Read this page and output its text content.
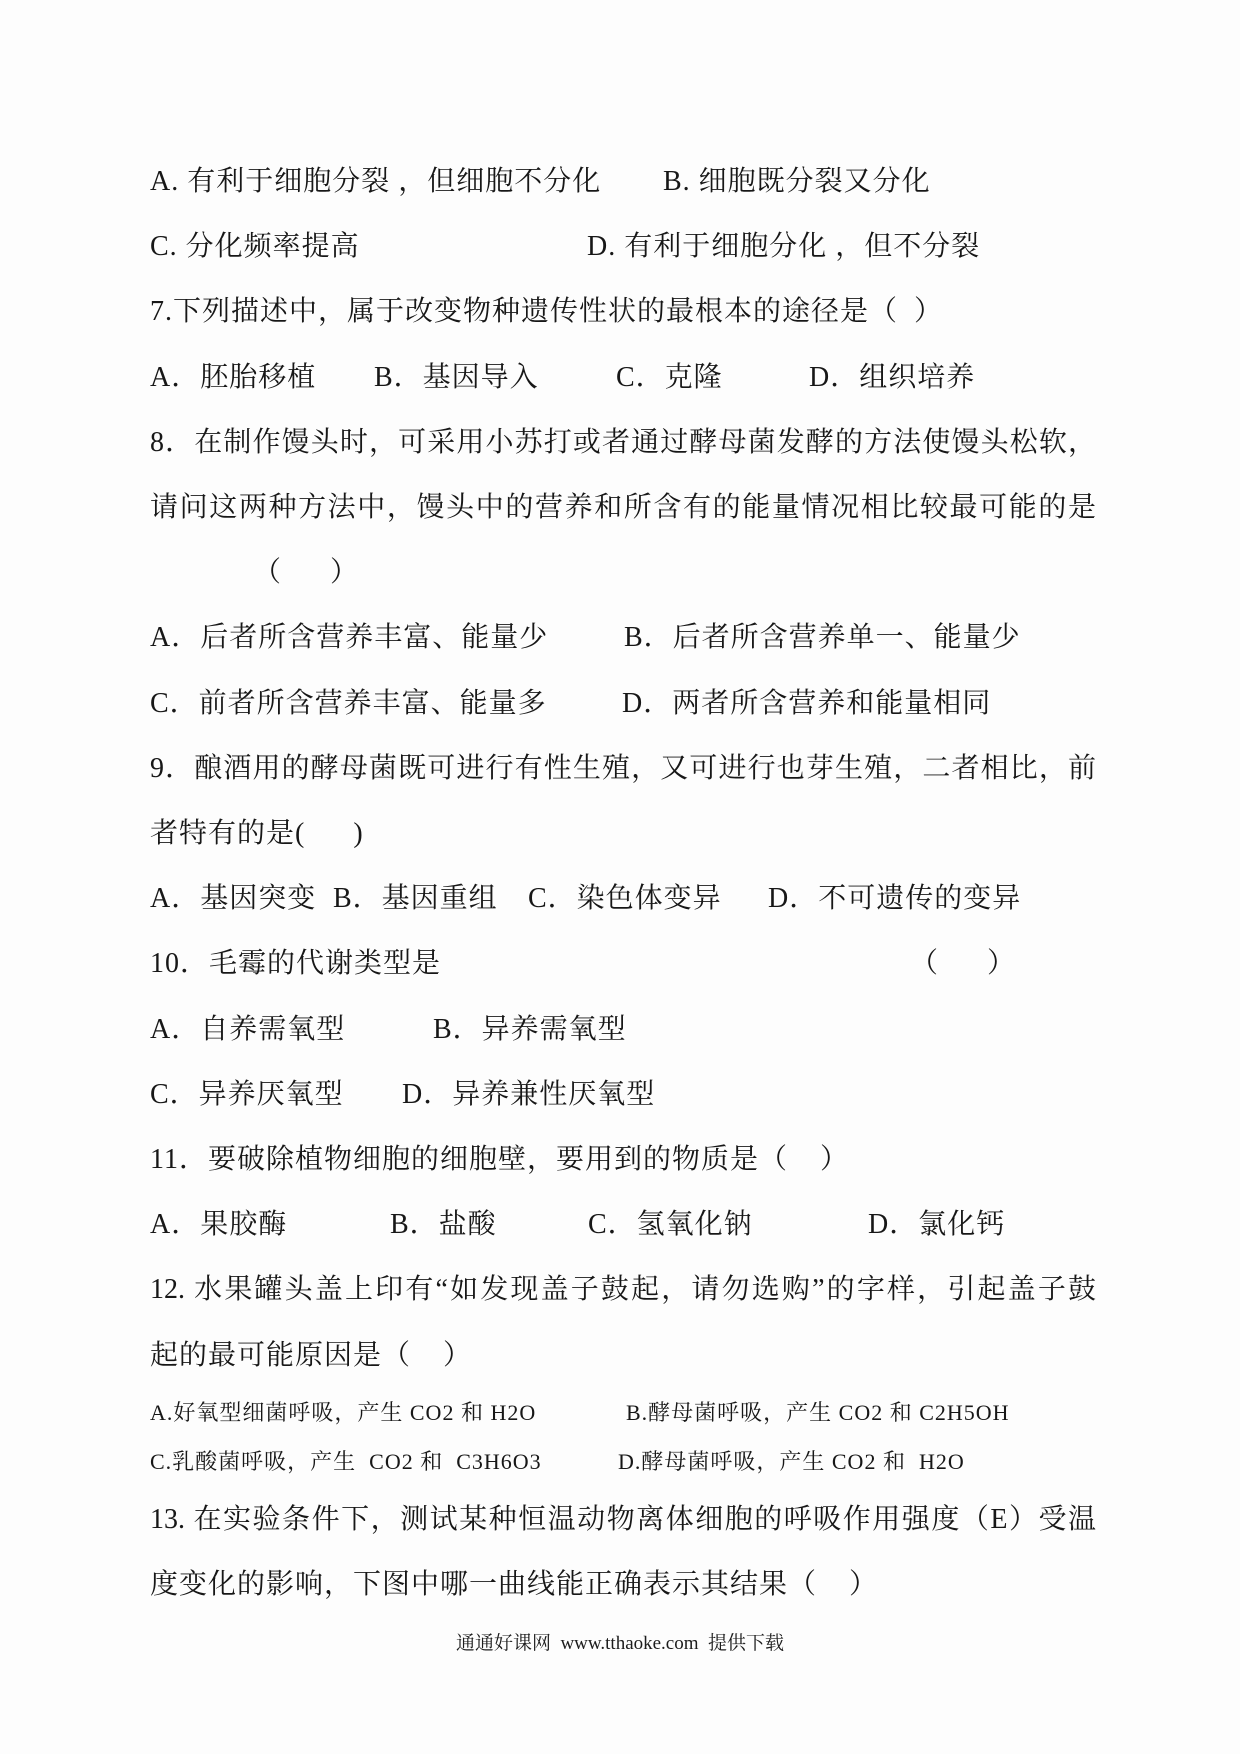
A. 有利于细胞分裂 ，但细胞不分化 B. 细胞既分裂又分化
C. 分化频率提高	D. 有利于细胞分化 ，但不分裂
7.下列描述中，属于改变物种遗传性状的最根本的途径是（  ）
A．胚胎移植 B．基因导入	C．克隆	D．组织培养
8．在制作馒头时，可采用小苏打或者通过酵母菌发酵的方法使馒头松软，
请问这两种方法中，馒头中的营养和所含有的能量情况相比较最可能的是
（      ）
A．后者所含营养丰富、能量少	B．后者所含营养单一、能量少
C．前者所含营养丰富、能量多	D．两者所含营养和能量相同
9．酿酒用的酵母菌既可进行有性生殖，又可进行也芽生殖，二者相比，前
者特有的是(      )
A．基因突变 B．基因重组 C．染色体变异 D．不可遗传的变异
10．毛霉的代谢类型是	（      ）
A．自养需氧型	B．异养需氧型
C．异养厌氧型 D．异养兼性厌氧型
11．要破除植物细胞的细胞壁，要用到的物质是（    ）
A．果胶酶	B．盐酸	C．氢氧化钠	D．氯化钙
12. 水果罐头盖上印有“如发现盖子鼓起，请勿选购”的字样，引起盖子鼓
起的最可能原因是（    ）
A.好氧型细菌呼吸，产生 CO2 和 H2O	B.酵母菌呼吸，产生 CO2 和 C2H5OH
C.乳酸菌呼吸，产生  CO2 和  C3H6O3	D.酵母菌呼吸，产生 CO2 和  H2O
13. 在实验条件下，测试某种恒温动物离体细胞的呼吸作用强度（E）受温
度变化的影响，下图中哪一曲线能正确表示其结果（    ）
通通好课网  www.tthaoke.com  提供下载
